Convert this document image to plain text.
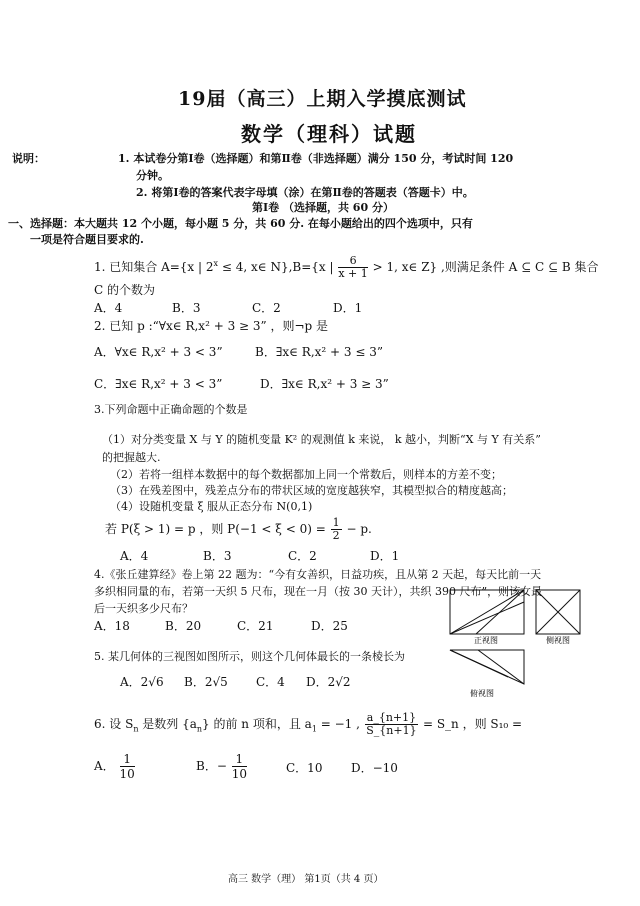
19届（高三）上期入学摸底测试
数学（理科）试题
说明：	1. 本试卷分第Ⅰ卷（选择题）和第Ⅱ卷（非选择题）满分 150 分，考试时间 120
分钟。
2. 将第Ⅰ卷的答案代表字母填（涂）在第Ⅱ卷的答题表（答题卡）中。
第Ⅰ卷 （选择题，共 60 分）
一、选择题：本大题共 12 个小题，每小题 5 分，共 60 分. 在每小题给出的四个选项中，只有
一项是符合题目要求的.
1. 已知集合 A={x | $2^x \le 4$, x∈ N},B={x | $\frac{6}{x + 1} > 1$, x∈ Z} ,则满足条件 A ⊆ C ⊆ B 集合
C 的个数为
A．4	B．3	C．2	D．1
2. 已知 p :“∀x∈ R,x² + 3 ≥ 3” ，则¬p 是
A．∀x∈ R,x² + 3 < 3”	B．∃x∈ R,x² + 3 ≤ 3”
C．∃x∈ R,x² + 3 < 3”	D．∃x∈ R,x² + 3 ≥ 3”
3.下列命题中正确命题的个数是
（1）对分类变量 X 与 Y 的随机变量 K² 的观测值 k 来说， k 越小，判断“X 与 Y 有关系”
的把握越大.
（2）若将一组样本数据中的每个数据都加上同一个常数后，则样本的方差不变；
（3）在残差图中，残差点分布的带状区域的宽度越狭窄，其模型拟合的精度越高；
（4）设随机变量 ξ 服从正态分布 N(0,1)
若 P(ξ > 1) = p ，则 $P(-1 < \xi < 0) = \frac{1}{2} - p$.
A．4	B．3	C．2	D．1
4.《张丘建算经》卷上第 22 题为：“今有女善织，日益功疾，且从第 2 天起，每天比前一天
多织相同量的布，若第一天织 5 尺布，现在一月（按 30 天计），共织 390 尺布”，则该女最
后一天织多少尺布？
A．18	B．20	C．21	D．25
正视图	侧视图
俯视图
5. 某几何体的三视图如图所示，则这个几何体最长的一条棱长为
A．2√6 B．2√5 C．4 D．2√2
6. 设 $S_n$ 是数列 $\{a_n\}$ 的前 n 项和，且 $a_1 = -1$ , $\frac{a\_\{n+1\}}{S\_\{n+1\}}$ = S_n ，则 S₁₀ =
A． $\frac{1}{10}$	B．− $\frac{1}{10}$	C．10 D．−10
高三 数学（理） 第1页（共 4 页）
